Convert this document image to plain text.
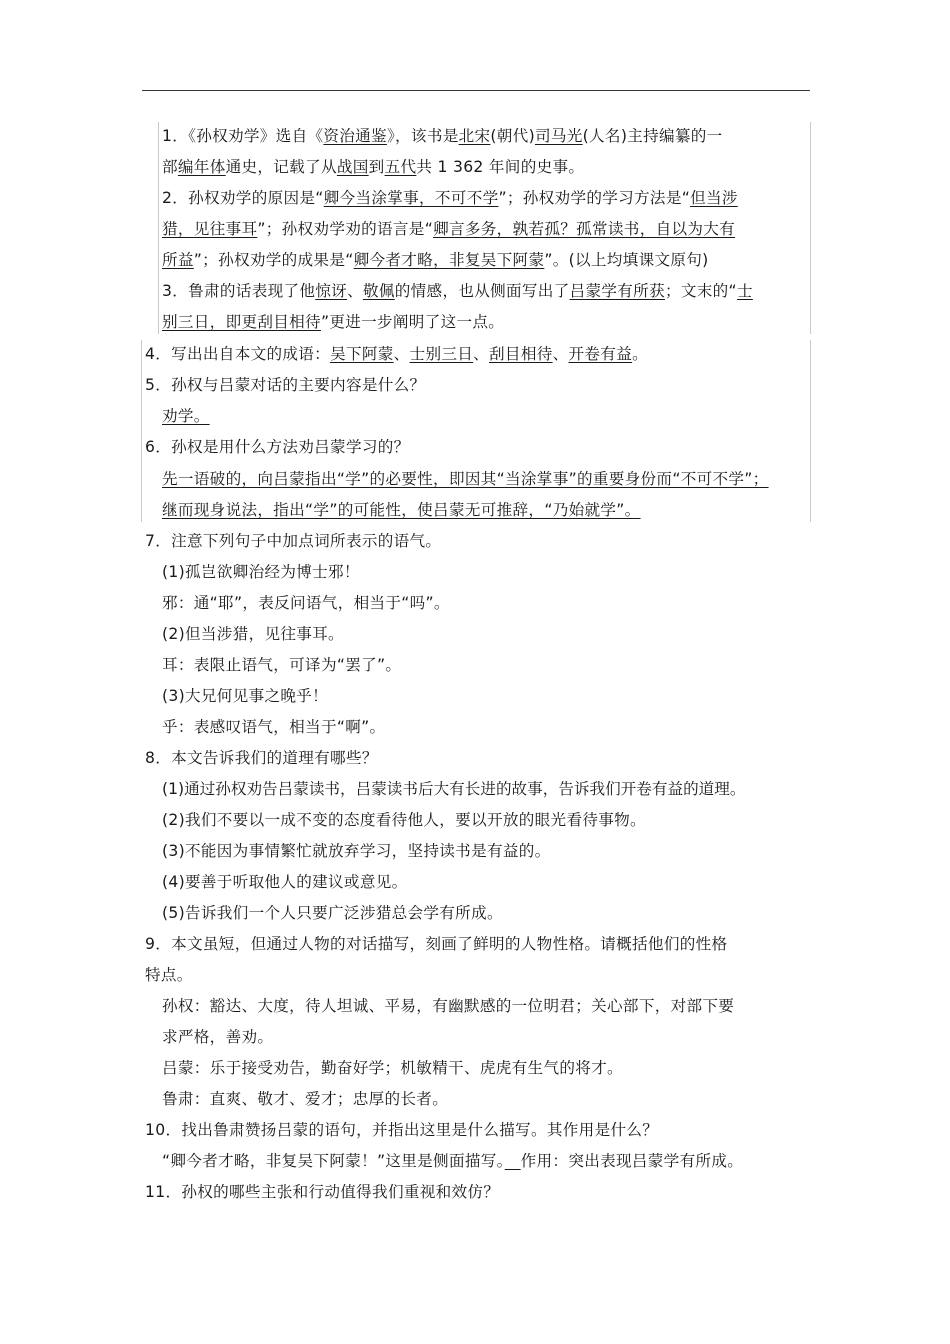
1．《孙权劝学》选自《资治通鉴》，该书是北宋(朝代)司马光(人名)主持编纂的一
部编年体通史，记载了从战国到五代共 1 362 年间的史事。
2．孙权劝学的原因是“卿今当涂掌事，不可不学”；孙权劝学的学习方法是“但当涉
猎，见往事耳”；孙权劝学劝的语言是“卿言多务，孰若孤？孤常读书，自以为大有
所益”；孙权劝学的成果是“卿今者才略，非复吴下阿蒙”。(以上均填课文原句)
3．鲁肃的话表现了他惊讶、敬佩的情感，也从侧面写出了吕蒙学有所获；文末的“士
别三日，即更刮目相待”更进一步阐明了这一点。
4．写出出自本文的成语：吴下阿蒙、士别三日、刮目相待、开卷有益。
5．孙权与吕蒙对话的主要内容是什么？
劝学。
6．孙权是用什么方法劝吕蒙学习的？
先一语破的，向吕蒙指出“学”的必要性，即因其“当涂掌事”的重要身份而“不可不学”；
继而现身说法，指出“学”的可能性，使吕蒙无可推辞，“乃始就学”。
7．注意下列句子中加点词所表示的语气。
(1)孤岂欲卿治经为博士邪！
邪：通“耶”，表反问语气，相当于“吗”。
(2)但当涉猎，见往事耳。
耳：表限止语气，可译为“罢了”。
(3)大兄何见事之晚乎！
乎：表感叹语气，相当于“啊”。
8．本文告诉我们的道理有哪些？
(1)通过孙权劝告吕蒙读书，吕蒙读书后大有长进的故事，告诉我们开卷有益的道理。
(2)我们不要以一成不变的态度看待他人，要以开放的眼光看待事物。
(3)不能因为事情繁忙就放弃学习，坚持读书是有益的。
(4)要善于听取他人的建议或意见。
(5)告诉我们一个人只要广泛涉猎总会学有所成。
9．本文虽短，但通过人物的对话描写，刻画了鲜明的人物性格。请概括他们的性格
特点。
孙权：豁达、大度，待人坦诚、平易，有幽默感的一位明君；关心部下，对部下要
求严格，善劝。
吕蒙：乐于接受劝告，勤奋好学；机敏精干、虎虎有生气的将才。
鲁肃：直爽、敬才、爱才；忠厚的长者。
10．找出鲁肃赞扬吕蒙的语句，并指出这里是什么描写。其作用是什么？
“卿今者才略，非复吴下阿蒙！”这里是侧面描写。　 作用：突出表现吕蒙学有所成。
11．孙权的哪些主张和行动值得我们重视和效仿？
